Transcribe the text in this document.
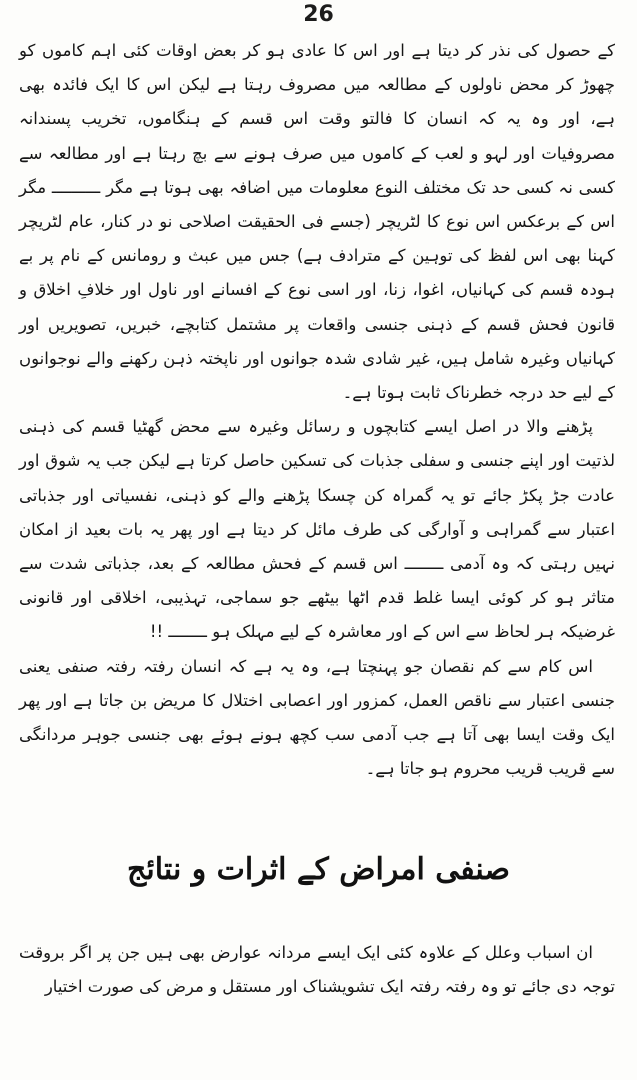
26

کے حصول کی نذر کر دیتا ہے اور اس کا عادی ہو کر بعض اوقات کئی اہم کاموں کو چھوڑ کر محض ناولوں کے مطالعہ میں مصروف رہتا ہے لیکن اس کا ایک فائدہ بھی ہے، اور وہ یہ کہ انسان کا فالتو وقت اس قسم کے ہنگاموں، تخریب پسندانہ مصروفیات اور لہو و لعب کے کاموں میں صرف ہونے سے بچ رہتا ہے اور مطالعہ سے کسی نہ کسی حد تک مختلف النوع معلومات میں اضافہ بھی ہوتا ہے مگر ــــــــــ مگر اس کے برعکس اس نوع کا لٹریچر (جسے فی الحقیقت اصلاحی نو در کنار، عام لٹریچر کہنا بھی اس لفظ کی توہین کے مترادف ہے) جس میں عبث و رومانس کے نام پر بے ہودہ قسم کی کہانیاں، اغوا، زنا، اور اسی نوع کے افسانے اور ناول اور خلافِ اخلاق و قانون فحش قسم کے ذہنی جنسی واقعات پر مشتمل کتابچے، خبریں، تصویریں اور کہانیاں وغیرہ شامل ہیں، غیر شادی شدہ جوانوں اور ناپختہ ذہن رکھنے والے نوجوانوں کے لیے حد درجہ خطرناک ثابت ہوتا ہے۔

پڑھنے والا در اصل ایسے کتابچوں و رسائل وغیرہ سے محض گھٹیا قسم کی ذہنی لذتیت اور اپنے جنسی و سفلی جذبات کی تسکین حاصل کرتا ہے لیکن جب یہ شوق اور عادت جڑ پکڑ جائے تو یہ گمراہ کن چسکا پڑھنے والے کو ذہنی، نفسیاتی اور جذباتی اعتبار سے گمراہی و آوارگی کی طرف مائل کر دیتا ہے اور پھر یہ بات بعید از امکان نہیں رہتی کہ وہ آدمی ــــــــ اس قسم کے فحش مطالعہ کے بعد، جذباتی شدت سے متاثر ہو کر کوئی ایسا غلط قدم اٹھا بیٹھے جو سماجی، تہذیبی، اخلاقی اور قانونی غرضیکہ ہر لحاظ سے اس کے اور معاشرہ کے لیے مہلک ہو ــــــــ !!

اس کام سے کم نقصان جو پہنچتا ہے، وہ یہ ہے کہ انسان رفتہ رفتہ صنفی یعنی جنسی اعتبار سے ناقص العمل، کمزور اور اعصابی اختلال کا مریض بن جاتا ہے اور پھر ایک وقت ایسا بھی آتا ہے جب آدمی سب کچھ ہونے ہوئے بھی جنسی جوہر مردانگی سے قریب قریب محروم ہو جاتا ہے۔

صنفی امراض کے اثرات و نتائج

ان اسباب وعلل کے علاوہ کئی ایک ایسے مردانہ عوارض بھی ہیں جن پر اگر بروقت توجہ دی جائے تو وہ رفتہ رفتہ ایک تشویشناک اور مستقل و مرض کی صورت اختیار
